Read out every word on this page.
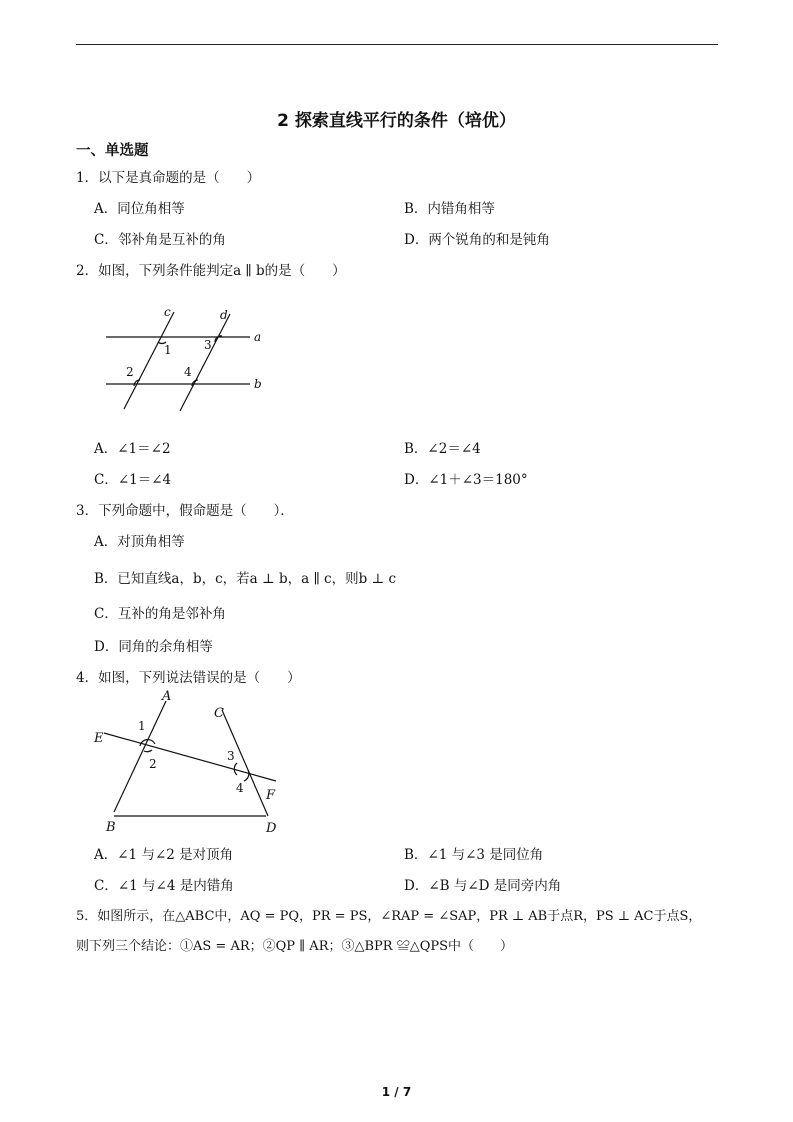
2 探索直线平行的条件（培优）
一、单选题
1．以下是真命题的是（　　）
A．同位角相等	B．内错角相等
C．邻补角是互补的角	D．两个锐角的和是钝角
2．如图，下列条件能判定a ∥ b的是（　　）
c	d
a
b
1	3
2	4
A．∠1＝∠2	B．∠2＝∠4
C．∠1＝∠4	D．∠1＋∠3＝180°
3．下列命题中，假命题是（　　）．
A．对顶角相等
B．已知直线a，b，c，若a ⊥ b，a ∥ c，则b ⊥ c
C．互补的角是邻补角
D．同角的余角相等
4．如图，下列说法错误的是（　　）
A
C
E
F
B	D
1
2
3
4
A．∠1 与∠2 是对顶角	B．∠1 与∠3 是同位角
C．∠1 与∠4 是内错角	D．∠B 与∠D 是同旁内角
5．如图所示，在△ABC中，AQ = PQ，PR = PS，∠RAP = ∠SAP，PR ⊥ AB于点R，PS ⊥ AC于点S，
则下列三个结论：①AS = AR；②QP ∥ AR；③△BPR ≌△QPS中（　　）
1 / 7
